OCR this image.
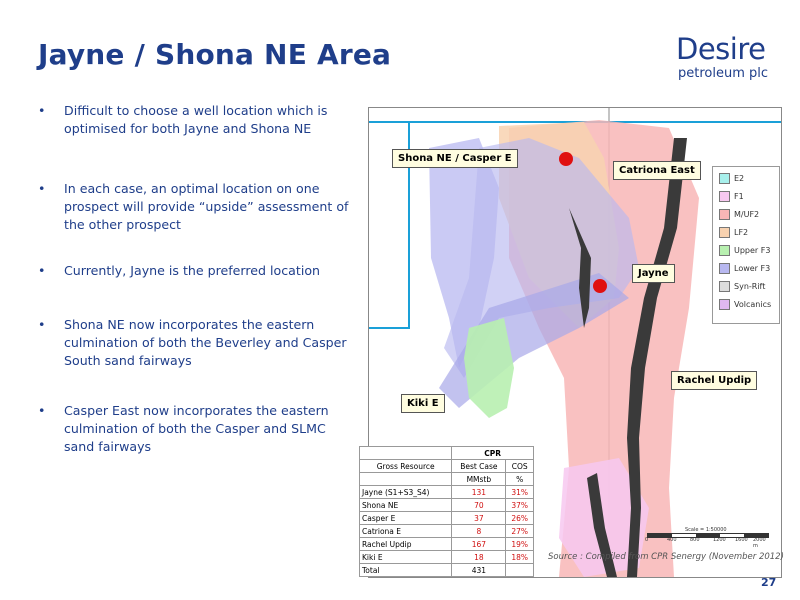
Jayne / Shona NE Area	Desire
petroleum plc
• Difficult to choose a well location which is optimised for both Jayne and Shona NE
• In each case, an optimal location on one prospect will provide “upside” assessment of the other prospect
• Currently, Jayne is the preferred location
• Shona NE now incorporates the eastern culmination of both the Beverley and Casper South sand fairways
• Casper East now incorporates the eastern culmination of both the Casper and SLMC sand fairways
Shona NE / Casper E
Catriona East
Jayne
Rachel Updip
Kiki E
E2
F1
M/UF2
LF2
Upper F3
Lower F3
Syn-Rift
Volcanics
Scale = 1:50000
0	400	800	1200 1600 2000 m
	CPR	
Gross Resource	Best Case	COS
	MMstb	%
Jayne (S1+S3_S4)	131	31%
Shona NE	70	37%
Casper E	37	26%
Catriona E	8	27%
Rachel Updip	167	19%
Kiki E	18	18%
Total	431	
Source : Compiled from CPR Senergy (November 2012)
27
